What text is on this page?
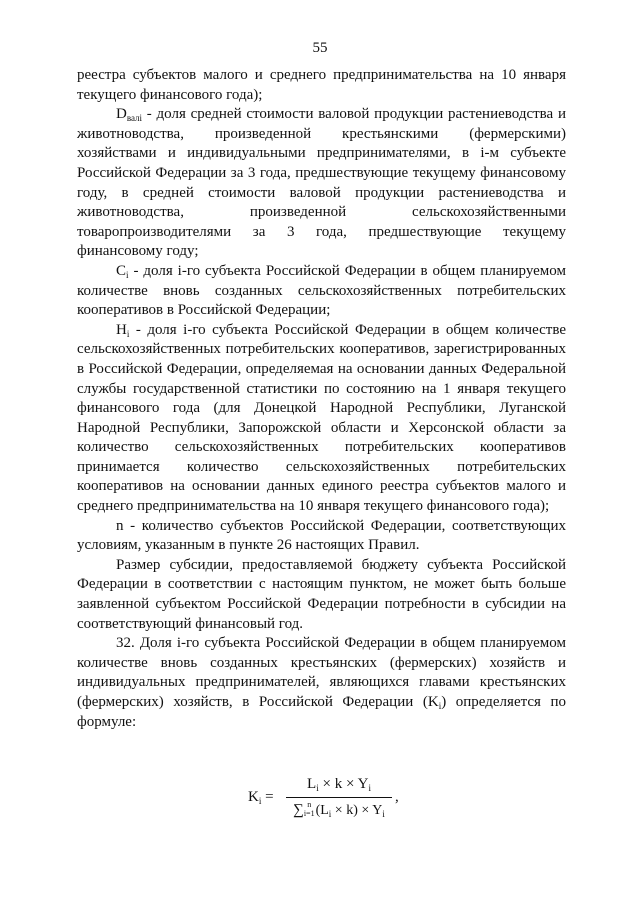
55

реестра субъектов малого и среднего предпринимательства на 10 января текущего финансового года);

$D_{валi}$ - доля средней стоимости валовой продукции растениеводства и животноводства, произведенной крестьянскими (фермерскими) хозяйствами и индивидуальными предпринимателями, в i-м субъекте Российской Федерации за 3 года, предшествующие текущему финансовому году, в средней стоимости валовой продукции растениеводства и животноводства, произведенной сельскохозяйственными товаропроизводителями за 3 года, предшествующие текущему финансовому году;

$C_i$ - доля i-го субъекта Российской Федерации в общем планируемом количестве вновь созданных сельскохозяйственных потребительских кооперативов в Российской Федерации;

$H_i$ - доля i-го субъекта Российской Федерации в общем количестве сельскохозяйственных потребительских кооперативов, зарегистрированных в Российской Федерации, определяемая на основании данных Федеральной службы государственной статистики по состоянию на 1 января текущего финансового года (для Донецкой Народной Республики, Луганской Народной Республики, Запорожской области и Херсонской области за количество сельскохозяйственных потребительских кооперативов принимается количество сельскохозяйственных потребительских кооперативов на основании данных единого реестра субъектов малого и среднего предпринимательства на 10 января текущего финансового года);

n - количество субъектов Российской Федерации, соответствующих условиям, указанным в пункте 26 настоящих Правил.

Размер субсидии, предоставляемой бюджету субъекта Российской Федерации в соответствии с настоящим пунктом, не может быть больше заявленной субъектом Российской Федерации потребности в субсидии на соответствующий финансовый год.

32. Доля i-го субъекта Российской Федерации в общем планируемом количестве вновь созданных крестьянских (фермерских) хозяйств и индивидуальных предпринимателей, являющихся главами крестьянских (фермерских) хозяйств, в Российской Федерации $(K_i)$ определяется по формуле:

$K_i$ =
$L_i \times k \times Y_i$
∑ n
$i=1(L_i \times k) \times Y_i$
,
